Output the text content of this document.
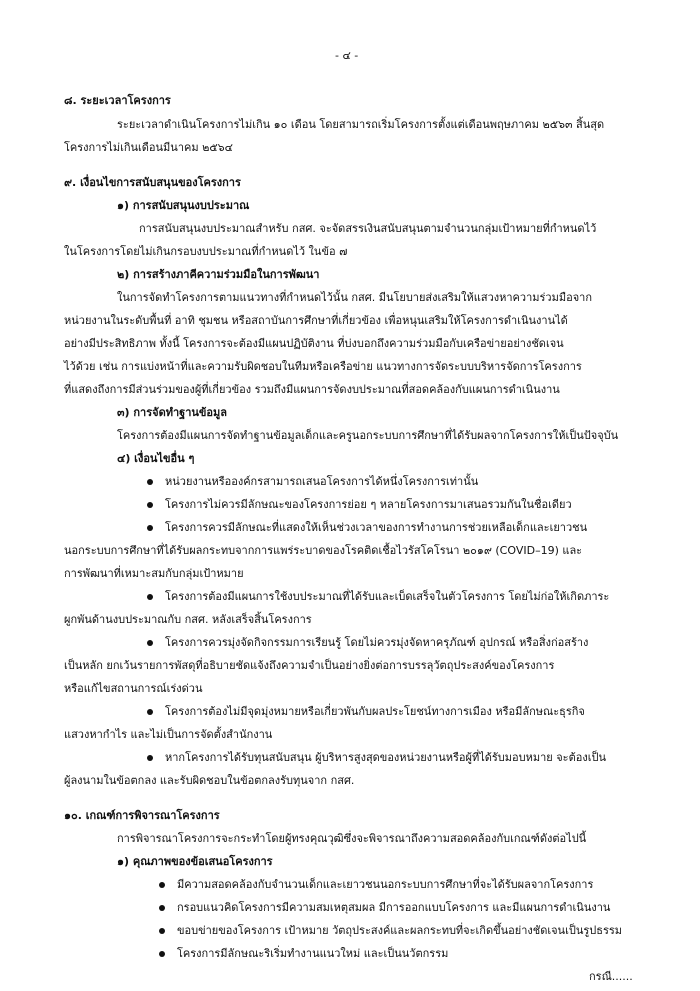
- ๔ -
๘. ระยะเวลาโครงการ
ระยะเวลาดำเนินโครงการไม่เกิน ๑๐ เดือน โดยสามารถเริ่มโครงการตั้งแต่เดือนพฤษภาคม ๒๕๖๓ สิ้นสุด
โครงการไม่เกินเดือนมีนาคม ๒๕๖๔
๙. เงื่อนไขการสนับสนุนของโครงการ
๑) การสนับสนุนงบประมาณ
การสนับสนุนงบประมาณสำหรับ กสศ. จะจัดสรรเงินสนับสนุนตามจำนวนกลุ่มเป้าหมายที่กำหนดไว้
ในโครงการโดยไม่เกินกรอบงบประมาณที่กำหนดไว้ ในข้อ ๗
๒) การสร้างภาคีความร่วมมือในการพัฒนา
ในการจัดทำโครงการตามแนวทางที่กำหนดไว้นั้น กสศ. มีนโยบายส่งเสริมให้แสวงหาความร่วมมือจาก
หน่วยงานในระดับพื้นที่ อาทิ ชุมชน หรือสถาบันการศึกษาที่เกี่ยวข้อง เพื่อหนุนเสริมให้โครงการดำเนินงานได้
อย่างมีประสิทธิภาพ ทั้งนี้ โครงการจะต้องมีแผนปฏิบัติงาน ที่บ่งบอกถึงความร่วมมือกับเครือข่ายอย่างชัดเจน
ไว้ด้วย เช่น การแบ่งหน้าที่และความรับผิดชอบในทีมหรือเครือข่าย แนวทางการจัดระบบบริหารจัดการโครงการ
ที่แสดงถึงการมีส่วนร่วมของผู้ที่เกี่ยวข้อง รวมถึงมีแผนการจัดงบประมาณที่สอดคล้องกับแผนการดำเนินงาน
๓) การจัดทำฐานข้อมูล
โครงการต้องมีแผนการจัดทำฐานข้อมูลเด็กและครูนอกระบบการศึกษาที่ได้รับผลจากโครงการให้เป็นปัจจุบัน
๔) เงื่อนไขอื่น ๆ
หน่วยงานหรือองค์กรสามารถเสนอโครงการได้หนึ่งโครงการเท่านั้น
โครงการไม่ควรมีลักษณะของโครงการย่อย ๆ หลายโครงการมาเสนอรวมกันในชื่อเดียว
โครงการควรมีลักษณะที่แสดงให้เห็นช่วงเวลาของการทำงานการช่วยเหลือเด็กและเยาวชน
นอกระบบการศึกษาที่ได้รับผลกระทบจากการแพร่ระบาดของโรคติดเชื้อไวรัสโคโรนา ๒๐๑๙ (COVID–19) และ
การพัฒนาที่เหมาะสมกับกลุ่มเป้าหมาย
โครงการต้องมีแผนการใช้งบประมาณที่ได้รับและเบ็ดเสร็จในตัวโครงการ โดยไม่ก่อให้เกิดภาระ
ผูกพันด้านงบประมาณกับ กสศ. หลังเสร็จสิ้นโครงการ
โครงการควรมุ่งจัดกิจกรรมการเรียนรู้ โดยไม่ควรมุ่งจัดหาครุภัณฑ์ อุปกรณ์ หรือสิ่งก่อสร้าง
เป็นหลัก ยกเว้นรายการพัสดุที่อธิบายชัดแจ้งถึงความจำเป็นอย่างยิ่งต่อการบรรลุวัตถุประสงค์ของโครงการ
หรือแก้ไขสถานการณ์เร่งด่วน
โครงการต้องไม่มีจุดมุ่งหมายหรือเกี่ยวพันกับผลประโยชน์ทางการเมือง หรือมีลักษณะธุรกิจ
แสวงหากำไร และไม่เป็นการจัดตั้งสำนักงาน
หากโครงการได้รับทุนสนับสนุน ผู้บริหารสูงสุดของหน่วยงานหรือผู้ที่ได้รับมอบหมาย จะต้องเป็น
ผู้ลงนามในข้อตกลง และรับผิดชอบในข้อตกลงรับทุนจาก กสศ.
๑๐. เกณฑ์การพิจารณาโครงการ
การพิจารณาโครงการจะกระทำโดยผู้ทรงคุณวุฒิซึ่งจะพิจารณาถึงความสอดคล้องกับเกณฑ์ดังต่อไปนี้
๑) คุณภาพของข้อเสนอโครงการ
มีความสอดคล้องกับจำนวนเด็กและเยาวชนนอกระบบการศึกษาที่จะได้รับผลจากโครงการ
กรอบแนวคิดโครงการมีความสมเหตุสมผล มีการออกแบบโครงการ และมีแผนการดำเนินงาน
ขอบข่ายของโครงการ เป้าหมาย วัตถุประสงค์และผลกระทบที่จะเกิดขึ้นอย่างชัดเจนเป็นรูปธรรม
โครงการมีลักษณะริเริ่มทำงานแนวใหม่ และเป็นนวัตกรรม
กรณี......
